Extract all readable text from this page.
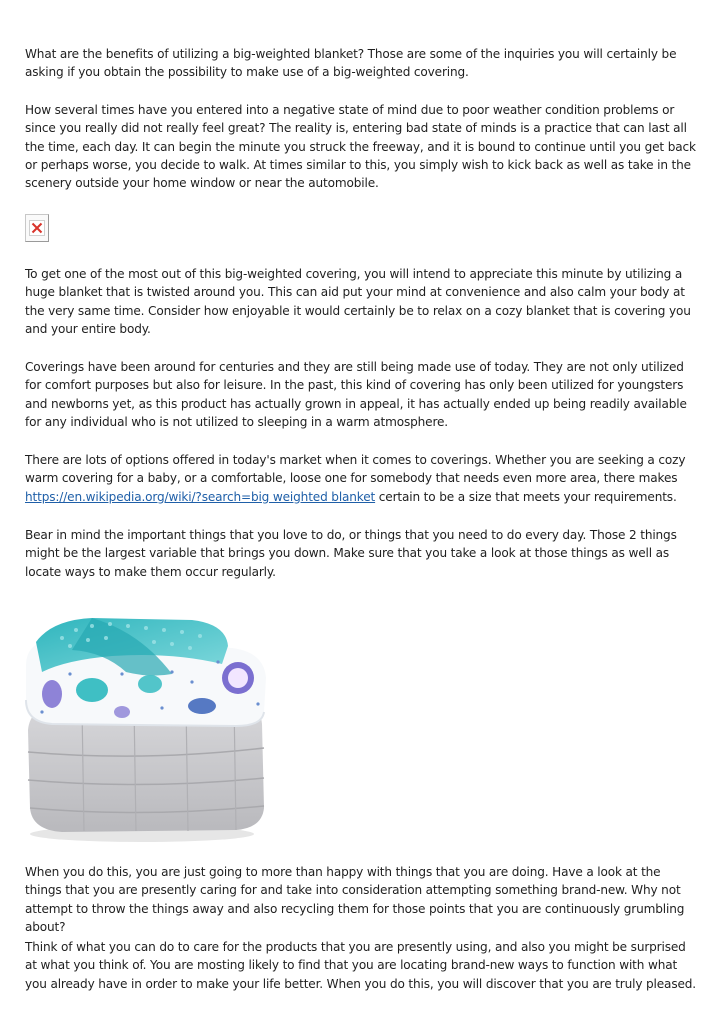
What are the benefits of utilizing a big-weighted blanket? Those are some of the inquiries you will certainly be asking if you obtain the possibility to make use of a big-weighted covering.

How several times have you entered into a negative state of mind due to poor weather condition problems or since you really did not really feel great? The reality is, entering bad state of minds is a practice that can last all the time, each day. It can begin the minute you struck the freeway, and it is bound to continue until you get back or perhaps worse, you decide to walk. At times similar to this, you simply wish to kick back as well as take in the scenery outside your home window or near the automobile.

To get one of the most out of this big-weighted covering, you will intend to appreciate this minute by utilizing a huge blanket that is twisted around you. This can aid put your mind at convenience and also calm your body at the very same time. Consider how enjoyable it would certainly be to relax on a cozy blanket that is covering you and your entire body.

Coverings have been around for centuries and they are still being made use of today. They are not only utilized for comfort purposes but also for leisure. In the past, this kind of covering has only been utilized for youngsters and newborns yet, as this product has actually grown in appeal, it has actually ended up being readily available for any individual who is not utilized to sleeping in a warm atmosphere.

There are lots of options offered in today's market when it comes to coverings. Whether you are seeking a cozy warm covering for a baby, or a comfortable, loose one for somebody that needs even more area, there makes https://en.wikipedia.org/wiki/?search=big weighted blanket certain to be a size that meets your requirements.

Bear in mind the important things that you love to do, or things that you need to do every day. Those 2 things might be the largest variable that brings you down. Make sure that you take a look at those things as well as locate ways to make them occur regularly.

When you do this, you are just going to more than happy with things that you are doing. Have a look at the things that you are presently caring for and take into consideration attempting something brand-new. Why not attempt to throw the things away and also recycling them for those points that you are continuously grumbling about?

Think of what you can do to care for the products that you are presently using, and also you might be surprised at what you think of. You are mosting likely to find that you are locating brand-new ways to function with what you already have in order to make your life better. When you do this, you will discover that you are truly pleased.
